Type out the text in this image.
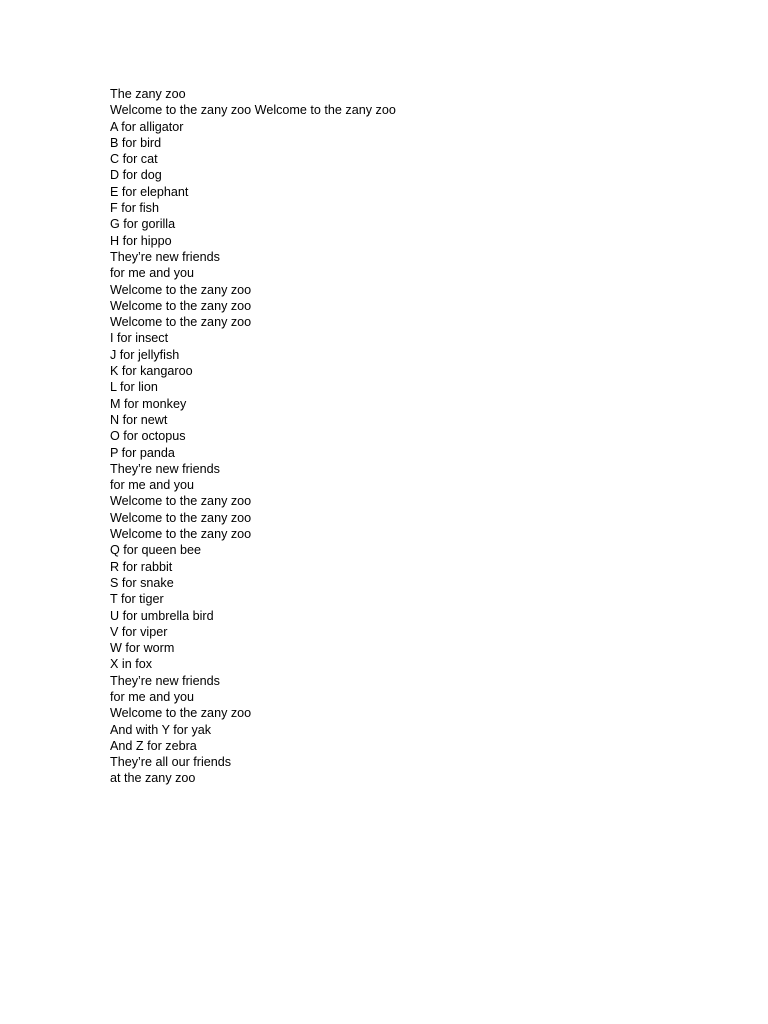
The zany zoo
Welcome to the zany zoo Welcome to the zany zoo
A for alligator
B for bird
C for cat
D for dog
E for elephant
F for fish
G for gorilla
H for hippo
They’re new friends
for me and you
Welcome to the zany zoo
Welcome to the zany zoo
Welcome to the zany zoo
I for insect
J for jellyfish
K for kangaroo
L for lion
M for monkey
N for newt
O for octopus
P for panda
They’re new friends
for me and you
Welcome to the zany zoo
Welcome to the zany zoo
Welcome to the zany zoo
Q for queen bee
R for rabbit
S for snake
T for tiger
U for umbrella bird
V for viper
W for worm
X in fox
They’re new friends
for me and you
Welcome to the zany zoo
And with Y for yak
And Z for zebra
They’re all our friends
at the zany zoo
